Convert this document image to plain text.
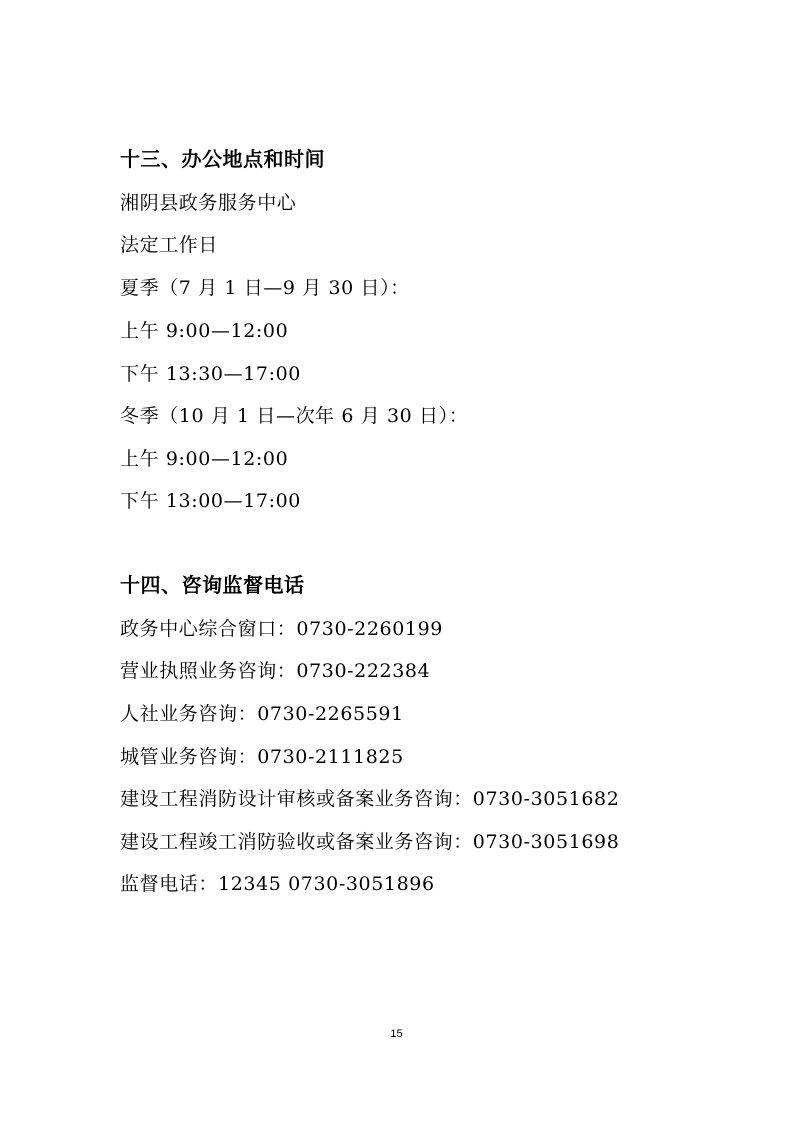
十三、办公地点和时间
湘阴县政务服务中心
法定工作日
夏季（7 月 1 日—9 月 30 日）：
上午 9:00—12:00
下午 13:30—17:00
冬季（10 月 1 日—次年 6 月 30 日）：
上午 9:00—12:00
下午 13:00—17:00
十四、咨询监督电话
政务中心综合窗口：0730-2260199
营业执照业务咨询：0730-222384
人社业务咨询：0730-2265591
城管业务咨询：0730-2111825
建设工程消防设计审核或备案业务咨询：0730-3051682
建设工程竣工消防验收或备案业务咨询：0730-3051698
监督电话：12345 0730-3051896
15
